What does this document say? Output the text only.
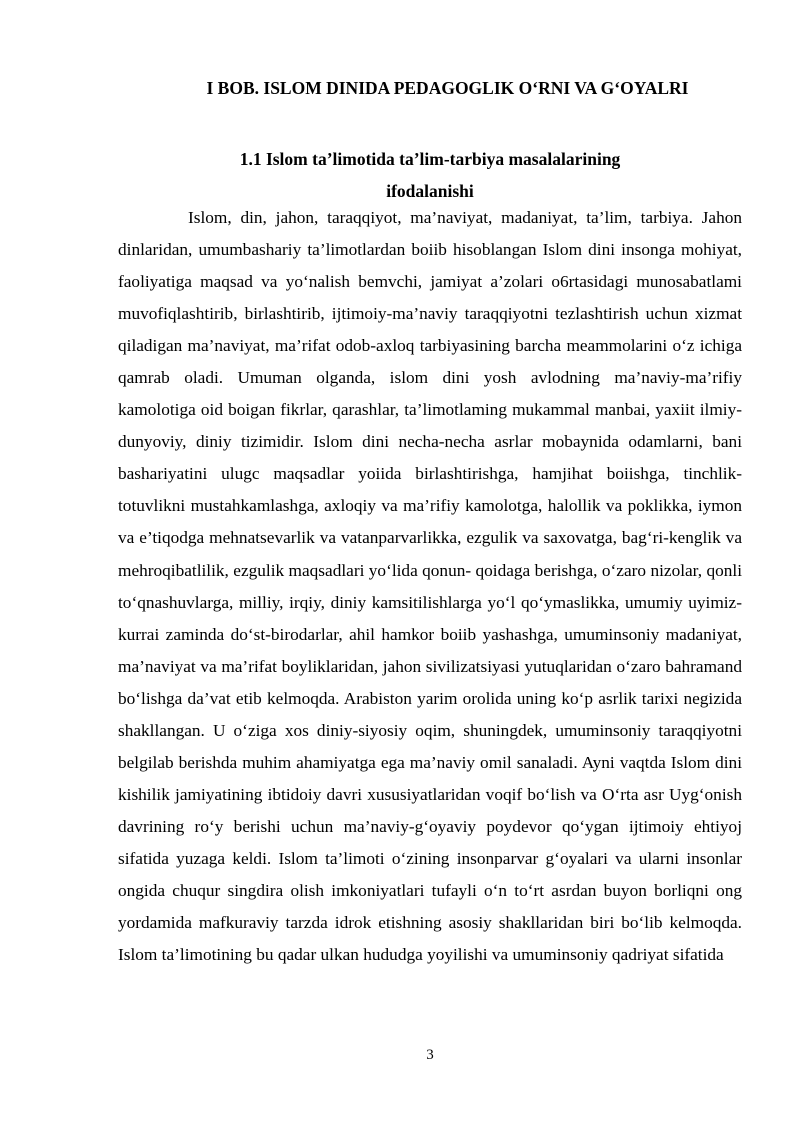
I BOB. ISLOM DINIDA PEDAGOGLIK O‘RNI VA G‘OYALRI
1.1 Islom ta’limotida ta’lim-tarbiya masalalarining
ifodalanishi

Islom, din, jahon, taraqqiyot, ma’naviyat, madaniyat, ta’lim, tarbiya. Jahon dinlaridan, umumbashariy ta’limotlardan boiib hisoblangan Islom dini insonga mohiyat, faoliyatiga maqsad va yo‘nalish bemvchi, jamiyat a’zolari o6rtasidagi munosabatlami muvofiqlashtirib, birlashtirib, ijtimoiy-ma’naviy taraqqiyotni tezlashtirish uchun xizmat qiladigan ma’naviyat, ma’rifat odob-axloq tarbiyasining barcha meammolarini o‘z ichiga qamrab oladi. Umuman olganda, islom dini yosh avlodning ma’naviy-ma’rifiy kamolotiga oid boigan fikrlar, qarashlar, ta’limotlaming mukammal manbai, yaxiit ilmiy-dunyoviy, diniy tizimidir. Islom dini necha-necha asrlar mobaynida odamlarni, bani bashariyatini ulugc maqsadlar yoiida birlashtirishga, hamjihat boiishga, tinchlik-totuvlikni mustahkamlashga, axloqiy va ma’rifiy kamolotga, halollik va poklikka, iymon va e’tiqodga mehnatsevarlik va vatanparvarlikka, ezgulik va saxovatga, bag‘ri-kenglik va mehroqibatlilik, ezgulik maqsadlari yo‘lida qonun- qoidaga berishga, o‘zaro nizolar, qonli to‘qnashuvlarga, milliy, irqiy, diniy kamsitilishlarga yo‘l qo‘ymaslikka, umumiy uyimiz-kurrai zaminda do‘st-birodarlar, ahil hamkor boiib yashashga, umuminsoniy madaniyat, ma’naviyat va ma’rifat boyliklaridan, jahon sivilizatsiyasi yutuqlaridan o‘zaro bahramand bo‘lishga da’vat etib kelmoqda. Arabiston yarim orolida uning ko‘p asrlik tarixi negizida shakllangan. U o‘ziga xos diniy-siyosiy oqim, shuningdek, umuminsoniy taraqqiyotni belgilab berishda muhim ahamiyatga ega ma’naviy omil sanaladi. Ayni vaqtda Islom dini kishilik jamiyatining ibtidoiy davri xususiyatlaridan voqif bo‘lish va O‘rta asr Uyg‘onish davrining ro‘y berishi uchun ma’naviy-g‘oyaviy poydevor qo‘ygan ijtimoiy ehtiyoj sifatida yuzaga keldi. Islom ta’limoti o‘zining insonparvar g‘oyalari va ularni insonlar ongida chuqur singdira olish imkoniyatlari tufayli o‘n to‘rt asrdan buyon borliqni ong yordamida mafkuraviy tarzda idrok etishning asosiy shakllaridan biri bo‘lib kelmoqda. Islom ta’limotining bu qadar ulkan hududga yoyilishi va umuminsoniy qadriyat sifatida

3
